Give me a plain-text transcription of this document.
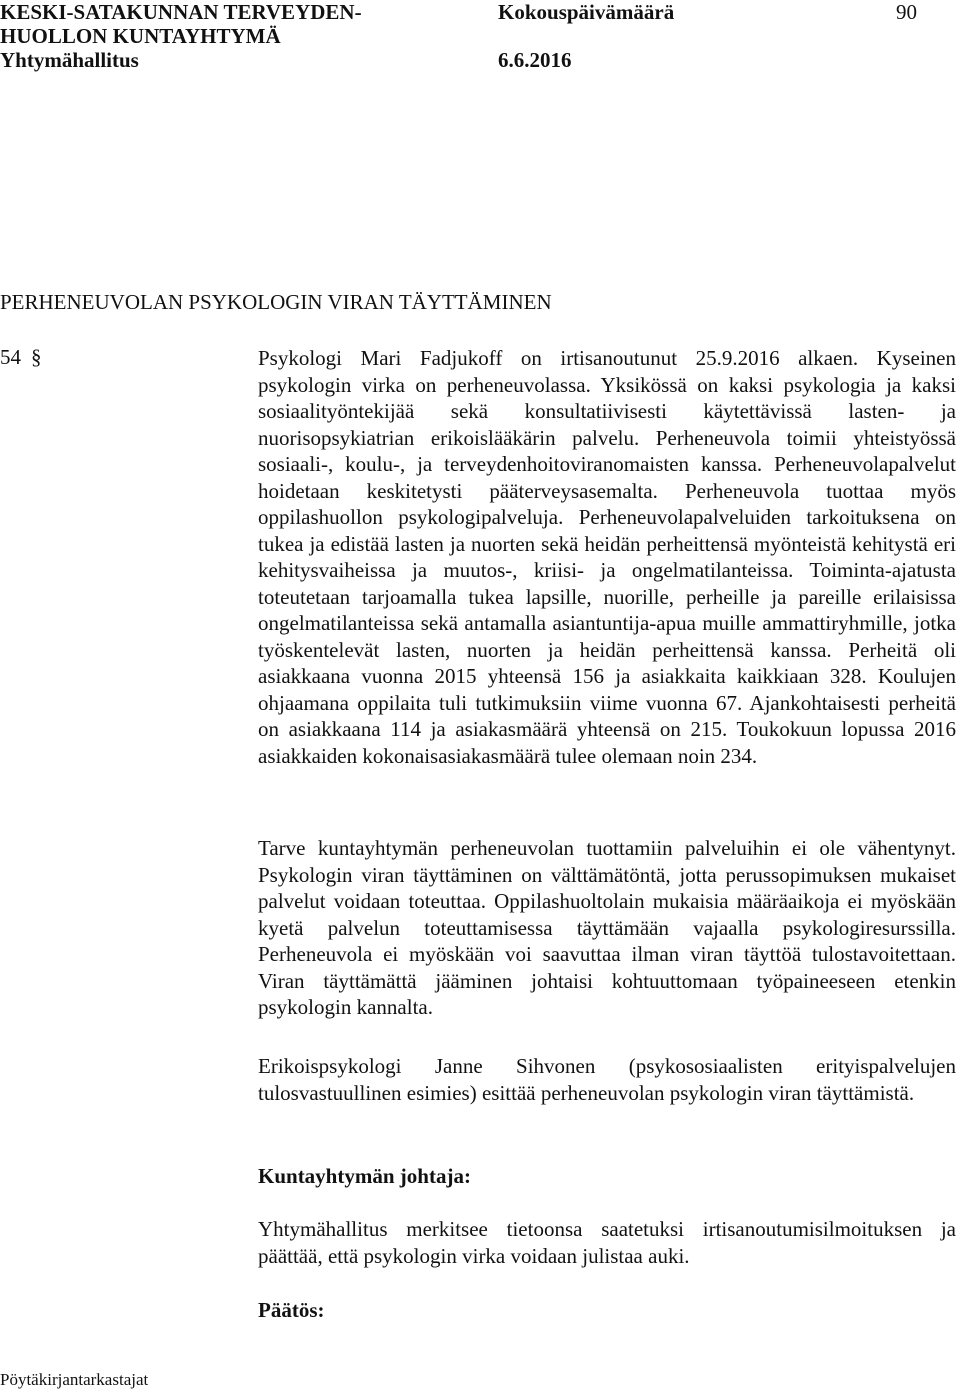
KESKI-SATAKUNNAN TERVEYDEN-
HUOLLON KUNTAYHTYMÄ
Yhtymähallitus
Kokouspäivämäärä
6.6.2016
90
PERHENEUVOLAN PSYKOLOGIN VIRAN TÄYTTÄMINEN
54 §	Psykologi Mari Fadjukoff on irtisanoutunut 25.9.2016 alkaen. Kyseinen psykologin virka on perheneuvolassa. Yksikössä on kaksi psykologia ja kaksi sosiaalityöntekijää sekä konsultatiivisesti käytettävissä lasten- ja nuorisopsykiatrian erikoislääkärin palvelu. Perheneuvola toimii yhteistyössä sosiaali-, koulu-, ja terveydenhoitoviranomaisten kanssa. Perheneuvolapalvelut hoidetaan keskitetysti pääterveysasemalta. Perheneuvola tuottaa myös oppilashuollon psykologipalveluja. Perheneuvolapalveluiden tarkoituksena on tukea ja edistää lasten ja nuorten sekä heidän perheittensä myönteistä kehitystä eri kehitysvaiheissa ja muutos-, kriisi- ja ongelmatilanteissa. Toiminta-ajatusta toteutetaan tarjoamalla tukea lapsille, nuorille, perheille ja pareille erilaisissa ongelmatilanteissa sekä antamalla asiantuntija-apua muille ammattiryhmille, jotka työskentelevät lasten, nuorten ja heidän perheittensä kanssa. Perheitä oli asiakkaana vuonna 2015 yhteensä 156 ja asiakkaita kaikkiaan 328. Koulujen ohjaamana oppilaita tuli tutkimuksiin viime vuonna 67. Ajankohtaisesti perheitä on asiakkaana 114 ja asiakasmäärä yhteensä on 215. Toukokuun lopussa 2016 asiakkaiden kokonaisasiakasmäärä tulee olemaan noin 234.

Tarve kuntayhtymän perheneuvolan tuottamiin palveluihin ei ole vähentynyt. Psykologin viran täyttäminen on välttämätöntä, jotta perussopimuksen mukaiset palvelut voidaan toteuttaa. Oppilashuoltolain mukaisia määräaikoja ei myöskään kyetä palvelun toteuttamisessa täyttämään vajaalla psykologiresurssilla. Perheneuvola ei myöskään voi saavuttaa ilman viran täyttöä tulostavoitettaan. Viran täyttämättä jääminen johtaisi kohtuuttomaan työpaineeseen etenkin psykologin kannalta.

Erikoispsykologi Janne Sihvonen (psykososiaalisten erityispalvelujen tulosvastuullinen esimies) esittää perheneuvolan psykologin viran täyttämistä.

Kuntayhtymän johtaja:

Yhtymähallitus merkitsee tietoonsa saatetuksi irtisanoutumisilmoituksen ja päättää, että psykologin virka voidaan julistaa auki.

Päätös:
Pöytäkirjantarkastajat
